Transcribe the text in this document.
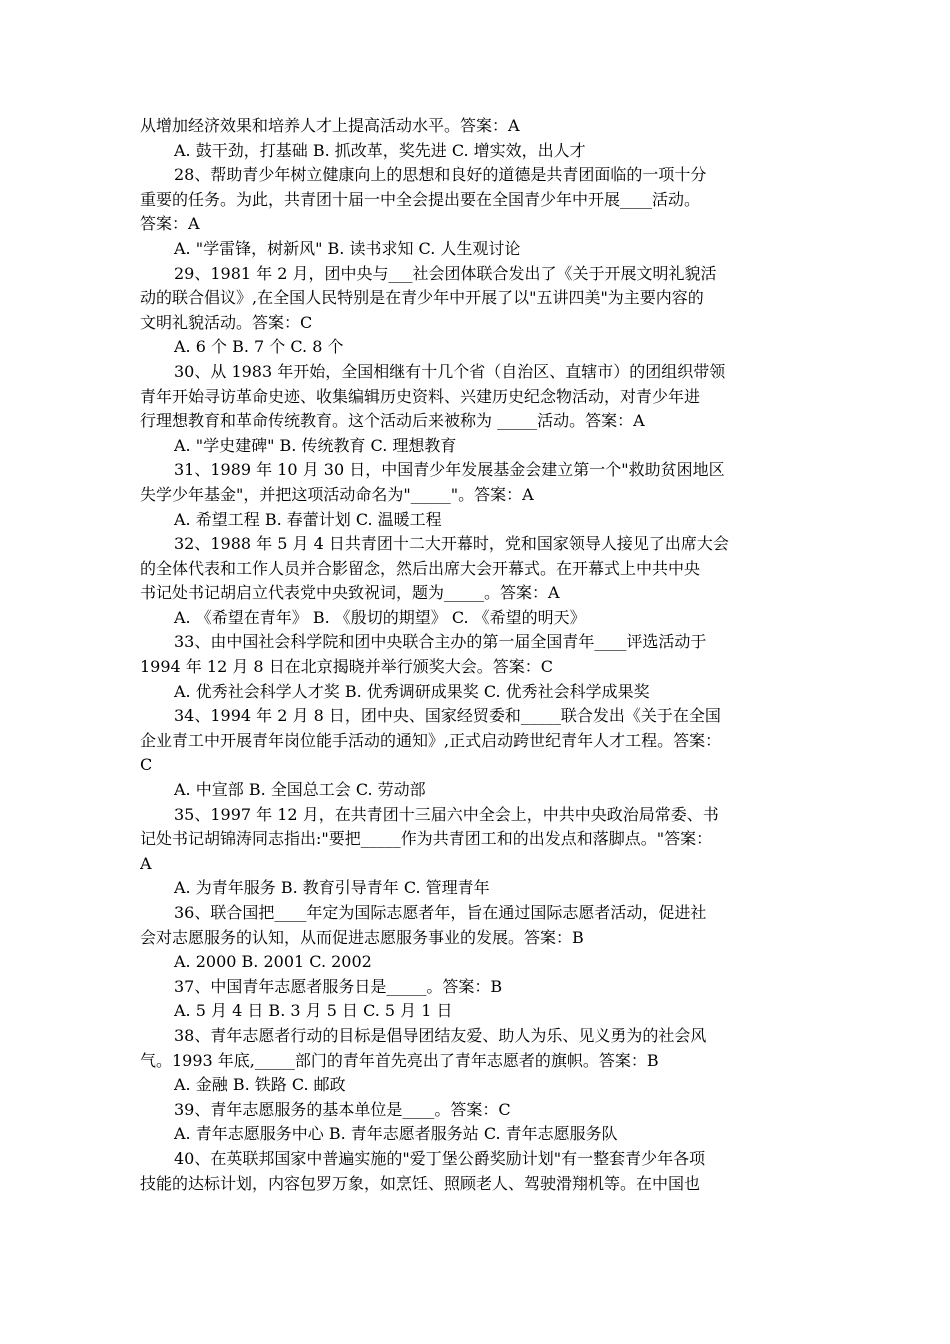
从增加经济效果和培养人才上提高活动水平。答案：A
A. 鼓干劲，打基础 B. 抓改革，奖先进 C. 增实效，出人才
28、帮助青少年树立健康向上的思想和良好的道德是共青团面临的一项十分
重要的任务。为此，共青团十届一中全会提出要在全国青少年中开展____活动。
答案：A
A. "学雷锋，树新风" B. 读书求知 C. 人生观讨论
29、1981 年 2 月，团中央与___社会团体联合发出了《关于开展文明礼貌活
动的联合倡议》,在全国人民特别是在青少年中开展了以"五讲四美"为主要内容的
文明礼貌活动。答案：C
A. 6 个 B. 7 个 C. 8 个
30、从 1983 年开始，全国相继有十几个省（自治区、直辖市）的团组织带领
青年开始寻访革命史迹、收集编辑历史资料、兴建历史纪念物活动，对青少年进
行理想教育和革命传统教育。这个活动后来被称为 _____活动。答案：A
A. "学史建碑" B. 传统教育 C. 理想教育
31、1989 年 10 月 30 日，中国青少年发展基金会建立第一个"救助贫困地区
失学少年基金"，并把这项活动命名为"_____"。答案：A
A. 希望工程 B. 春蕾计划 C. 温暖工程
32、1988 年 5 月 4 日共青团十二大开幕时，党和国家领导人接见了出席大会
的全体代表和工作人员并合影留念，然后出席大会开幕式。在开幕式上中共中央
书记处书记胡启立代表党中央致祝词，题为_____。答案：A
A. 《希望在青年》 B. 《殷切的期望》 C. 《希望的明天》
33、由中国社会科学院和团中央联合主办的第一届全国青年____评选活动于
1994 年 12 月 8 日在北京揭晓并举行颁奖大会。答案：C
A. 优秀社会科学人才奖 B. 优秀调研成果奖 C. 优秀社会科学成果奖
34、1994 年 2 月 8 日，团中央、国家经贸委和_____联合发出《关于在全国
企业青工中开展青年岗位能手活动的通知》,正式启动跨世纪青年人才工程。答案：
C
A. 中宣部 B. 全国总工会 C. 劳动部
35、1997 年 12 月，在共青团十三届六中全会上，中共中央政治局常委、书
记处书记胡锦涛同志指出:"要把_____作为共青团工和的出发点和落脚点。"答案：
A
A. 为青年服务 B. 教育引导青年 C. 管理青年
36、联合国把____年定为国际志愿者年，旨在通过国际志愿者活动，促进社
会对志愿服务的认知，从而促进志愿服务事业的发展。答案：B
A. 2000 B. 2001 C. 2002
37、中国青年志愿者服务日是_____。答案：B
A. 5 月 4 日 B. 3 月 5 日 C. 5 月 1 日
38、青年志愿者行动的目标是倡导团结友爱、助人为乐、见义勇为的社会风
气。1993 年底,_____部门的青年首先亮出了青年志愿者的旗帜。答案：B
A. 金融 B. 铁路 C. 邮政
39、青年志愿服务的基本单位是____。答案：C
A. 青年志愿服务中心 B. 青年志愿者服务站 C. 青年志愿服务队
40、在英联邦国家中普遍实施的"爱丁堡公爵奖励计划"有一整套青少年各项
技能的达标计划，内容包罗万象，如烹饪、照顾老人、驾驶滑翔机等。在中国也
